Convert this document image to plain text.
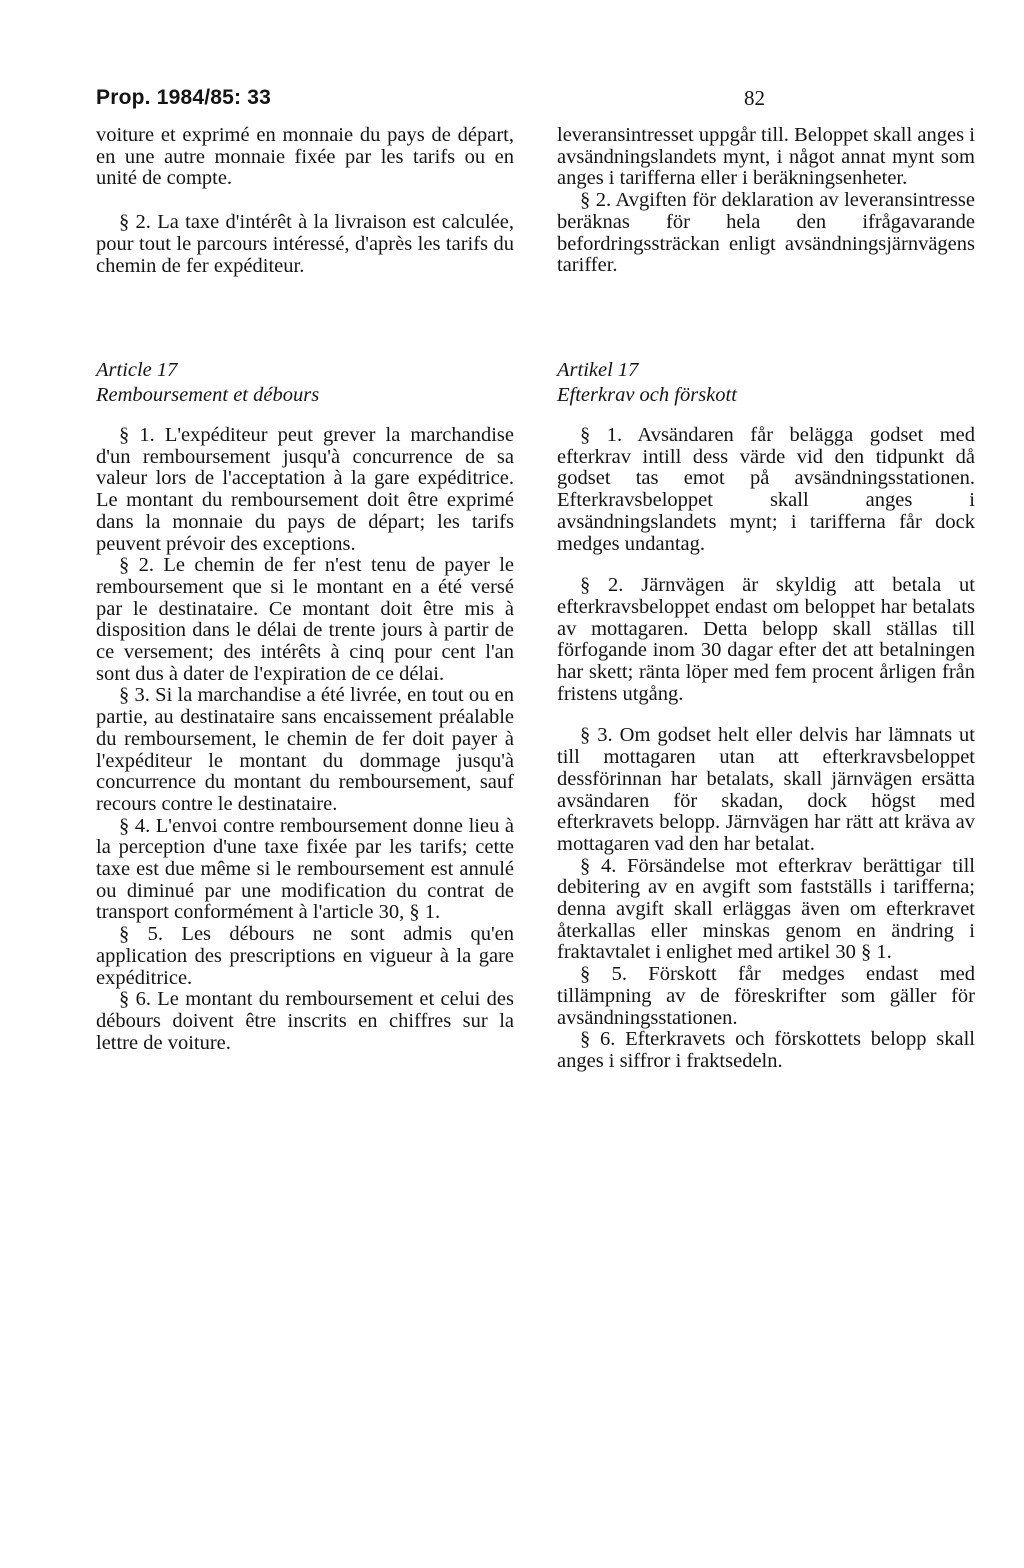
Prop. 1984/85: 33	82

voiture et exprimé en monnaie du pays de départ, en une autre monnaie fixée par les tarifs ou en unité de compte.

§ 2. La taxe d'intérêt à la livraison est calculée, pour tout le parcours intéressé, d'après les tarifs du chemin de fer expéditeur.

leveransintresset uppgår till. Beloppet skall anges i avsändningslandets mynt, i något annat mynt som anges i tarifferna eller i beräkningsenheter.

§ 2. Avgiften för deklaration av leveransintresse beräknas för hela den ifrågavarande befordringssträckan enligt avsändningsjärnvägens tariffer.

Article 17

Remboursement et débours

Artikel 17

Efterkrav och förskott

§ 1. L'expéditeur peut grever la marchandise d'un remboursement jusqu'à concurrence de sa valeur lors de l'acceptation à la gare expéditrice. Le montant du remboursement doit être exprimé dans la monnaie du pays de départ; les tarifs peuvent prévoir des exceptions.

§ 2. Le chemin de fer n'est tenu de payer le remboursement que si le montant en a été versé par le destinataire. Ce montant doit être mis à disposition dans le délai de trente jours à partir de ce versement; des intérêts à cinq pour cent l'an sont dus à dater de l'expiration de ce délai.

§ 3. Si la marchandise a été livrée, en tout ou en partie, au destinataire sans encaissement préalable du remboursement, le chemin de fer doit payer à l'expéditeur le montant du dommage jusqu'à concurrence du montant du remboursement, sauf recours contre le destinataire.

§ 4. L'envoi contre remboursement donne lieu à la perception d'une taxe fixée par les tarifs; cette taxe est due même si le remboursement est annulé ou diminué par une modification du contrat de transport conformément à l'article 30, § 1.

§ 5. Les débours ne sont admis qu'en application des prescriptions en vigueur à la gare expéditrice.

§ 6. Le montant du remboursement et celui des débours doivent être inscrits en chiffres sur la lettre de voiture.

§ 1. Avsändaren får belägga godset med efterkrav intill dess värde vid den tidpunkt då godset tas emot på avsändningsstationen. Efterkravsbeloppet skall anges i avsändningslandets mynt; i tarifferna får dock medges undantag.

§ 2. Järnvägen är skyldig att betala ut efterkravsbeloppet endast om beloppet har betalats av mottagaren. Detta belopp skall ställas till förfogande inom 30 dagar efter det att betalningen har skett; ränta löper med fem procent årligen från fristens utgång.

§ 3. Om godset helt eller delvis har lämnats ut till mottagaren utan att efterkravsbeloppet dessförinnan har betalats, skall järnvägen ersätta avsändaren för skadan, dock högst med efterkravets belopp. Järnvägen har rätt att kräva av mottagaren vad den har betalat.

§ 4. Försändelse mot efterkrav berättigar till debitering av en avgift som fastställs i tarifferna; denna avgift skall erläggas även om efterkravet återkallas eller minskas genom en ändring i fraktavtalet i enlighet med artikel 30 § 1.

§ 5. Förskott får medges endast med tillämpning av de föreskrifter som gäller för avsändningsstationen.

§ 6. Efterkravets och förskottets belopp skall anges i siffror i fraktsedeln.
